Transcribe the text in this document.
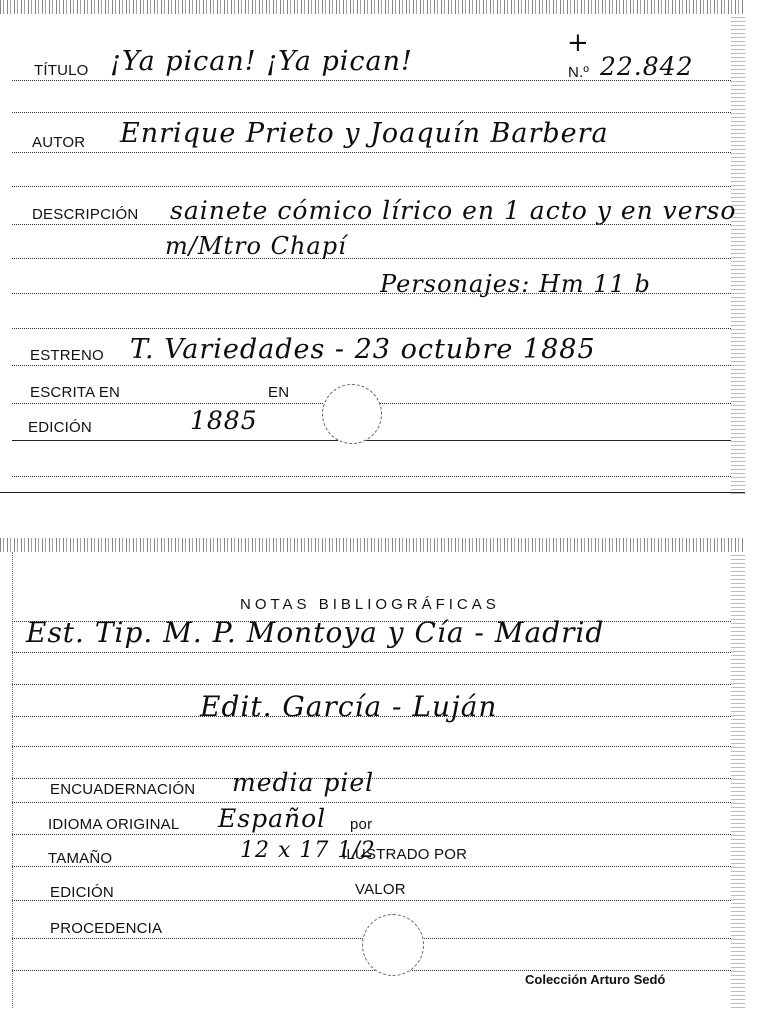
TÍTULO ¡Ya pican! ¡Ya pican!	N.º 22.842
+
AUTOR Enrique Prieto y Joaquín Barbera
DESCRIPCIÓN sainete cómico lírico en 1 acto y en verso
m/Mtro Chapí
Personajes: Hm 11 b
ESTRENO T. Variedades - 23 octubre 1885
ESCRITA EN	EN
EDICIÓN	1885
NOTAS BIBLIOGRÁFICAS
Est. Tip. M. P. Montoya y Cía - Madrid
Edit. García - Luján
ENCUADERNACIÓN media piel
IDIOMA ORIGINAL Español por
TAMAÑO	12 x 17 1/2
ILUSTRADO POR
EDICIÓN	VALOR
PROCEDENCIA
Colección Arturo Sedó
